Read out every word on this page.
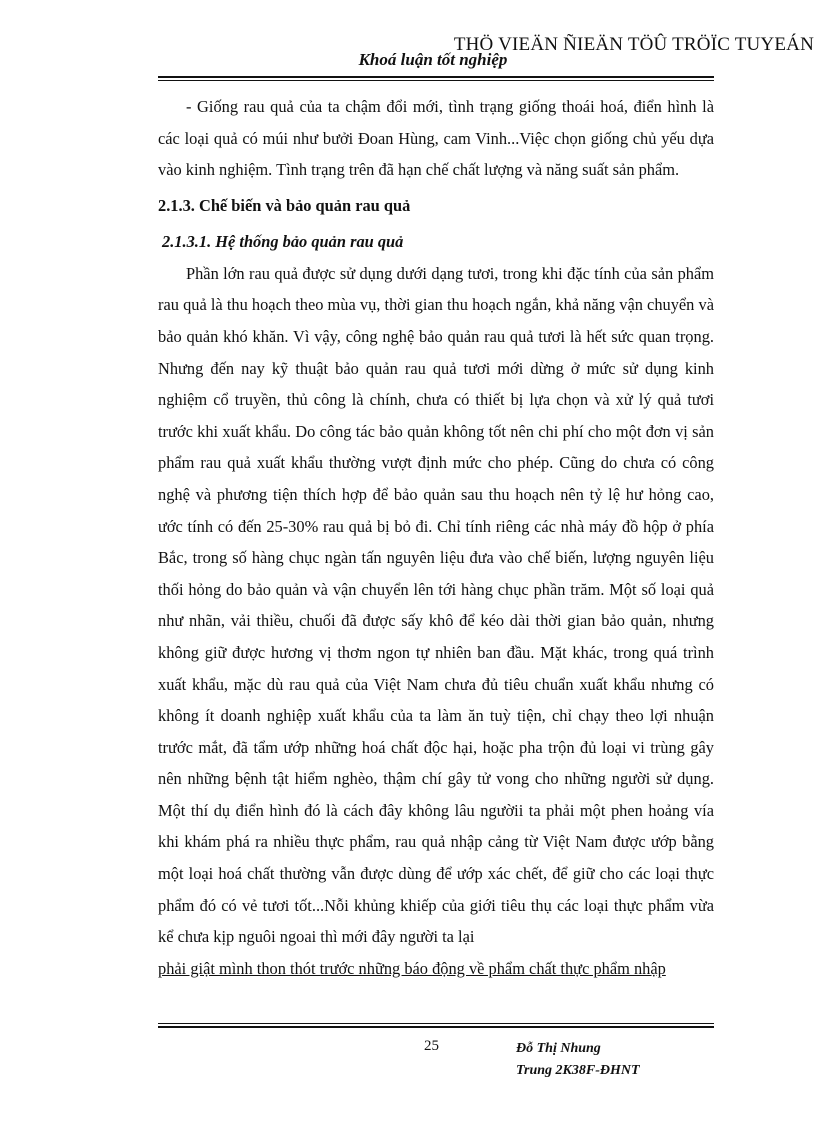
THÖ VIEÄN ÑIEÄN TÖÛ TRÖÏC TUYEÁN
Khoá luận tốt nghiệp

- Giống rau quả của ta chậm đổi mới, tình trạng giống thoái hoá, điển hình là các loại quả có múi như bưởi Đoan Hùng, cam Vinh...Việc chọn giống chủ yếu dựa vào kinh nghiệm. Tình trạng trên đã hạn chế chất lượng và năng suất sản phẩm.

2.1.3. Chế biến và bảo quản rau quả
2.1.3.1. Hệ thống bảo quản rau quả

Phần lớn rau quả được sử dụng dưới dạng tươi, trong khi đặc tính của sản phẩm rau quả là thu hoạch theo mùa vụ, thời gian thu hoạch ngắn, khả năng vận chuyển và bảo quản khó khăn. Vì vậy, công nghệ bảo quản rau quả tươi là hết sức quan trọng. Nhưng đến nay kỹ thuật bảo quản rau quả tươi mới dừng ở mức sử dụng kinh nghiệm cổ truyền, thủ công là chính, chưa có thiết bị lựa chọn và xử lý quả tươi trước khi xuất khẩu. Do công tác bảo quản không tốt nên chi phí cho một đơn vị sản phẩm rau quả xuất khẩu thường vượt định mức cho phép. Cũng do chưa có công nghệ và phương tiện thích hợp để bảo quản sau thu hoạch nên tỷ lệ hư hỏng cao, ước tính có đến 25-30% rau quả bị bỏ đi. Chỉ tính riêng các nhà máy đồ hộp ở phía Bắc, trong số hàng chục ngàn tấn nguyên liệu đưa vào chế biến, lượng nguyên liệu thối hỏng do bảo quản và vận chuyển lên tới hàng chục phần trăm. Một số loại quả như nhãn, vải thiều, chuối đã được sấy khô để kéo dài thời gian bảo quản, nhưng không giữ được hương vị thơm ngon tự nhiên ban đầu. Mặt khác, trong quá trình xuất khẩu, mặc dù rau quả của Việt Nam chưa đủ tiêu chuẩn xuất khẩu nhưng có không ít doanh nghiệp xuất khẩu của ta làm ăn tuỳ tiện, chỉ chạy theo lợi nhuận trước mắt, đã tẩm ướp những hoá chất độc hại, hoặc pha trộn đủ loại vi trùng gây nên những bệnh tật hiểm nghèo, thậm chí gây tử vong cho những người sử dụng. Một thí dụ điển hình đó là cách đây không lâu ngườii ta phải một phen hoảng vía khi khám phá ra nhiều thực phẩm, rau quả nhập cảng từ Việt Nam được ướp bằng một loại hoá chất thường vẫn được dùng để ướp xác chết, để giữ cho các loại thực phẩm đó có vẻ tươi tốt...Nỗi khủng khiếp của giới tiêu thụ các loại thực phẩm vừa kể chưa kịp nguôi ngoai thì mới đây người ta lại

phải giật mình thon thót trước những báo động về phẩm chất thực phẩm nhập

25	Đỗ Thị Nhung
Trung 2K38F-ĐHNT
